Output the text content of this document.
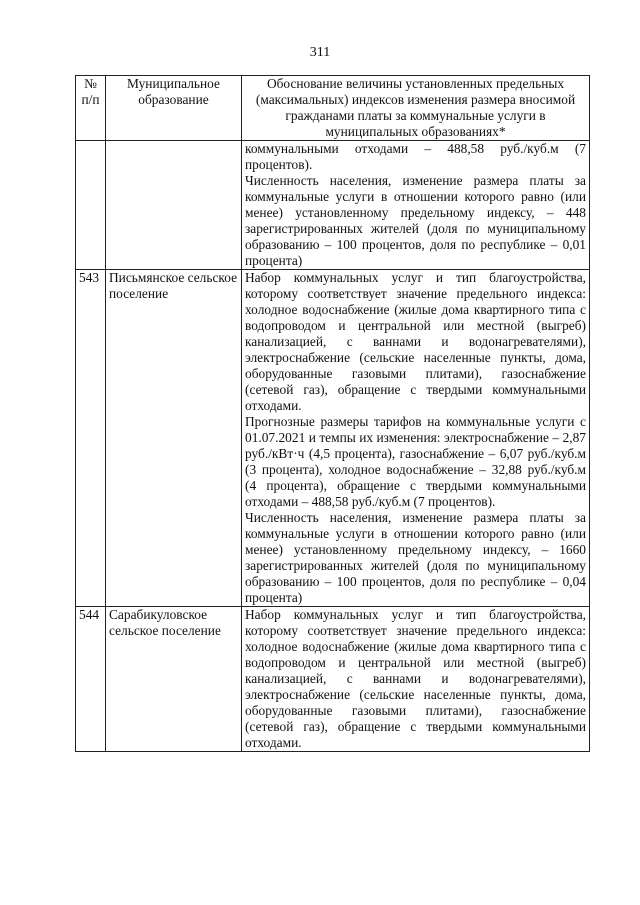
311
№ п/п	Муниципальное образование	Обоснование величины установленных предельных (максимальных) индексов изменения размера вносимой гражданами платы за коммунальные услуги в муниципальных образованиях*

		коммунальными отходами – 488,58 руб./куб.м (7 процентов).

Численность населения, изменение размера платы за коммунальные услуги в отношении которого равно (или менее) установленному предельному индексу, – 448 зарегистрированных жителей (доля по муниципальному образованию – 100 процентов, доля по республике – 0,01 процента)

543	Письмянское сельское поселение	Набор коммунальных услуг и тип благоустройства, которому соответствует значение предельного индекса: холодное водоснабжение (жилые дома квартирного типа с водопроводом и центральной или местной (выгреб) канализацией, с ваннами и водонагревателями), электроснабжение (сельские населенные пункты, дома, оборудованные газовыми плитами), газоснабжение (сетевой газ), обращение с твердыми коммунальными отходами.

Прогнозные размеры тарифов на коммунальные услуги с 01.07.2021 и темпы их изменения: электроснабжение – 2,87 руб./кВт·ч (4,5 процента), газоснабжение – 6,07 руб./куб.м (3 процента), холодное водоснабжение – 32,88 руб./куб.м (4 процента), обращение с твердыми коммунальными отходами – 488,58 руб./куб.м (7 процентов).

Численность населения, изменение размера платы за коммунальные услуги в отношении которого равно (или менее) установленному предельному индексу, – 1660 зарегистрированных жителей (доля по муниципальному образованию – 100 процентов, доля по республике – 0,04 процента)

544	Сарабикуловское сельское поселение	Набор коммунальных услуг и тип благоустройства, которому соответствует значение предельного индекса: холодное водоснабжение (жилые дома квартирного типа с водопроводом и центральной или местной (выгреб) канализацией, с ваннами и водонагревателями), электроснабжение (сельские населенные пункты, дома, оборудованные газовыми плитами), газоснабжение (сетевой газ), обращение с твердыми коммунальными отходами.
